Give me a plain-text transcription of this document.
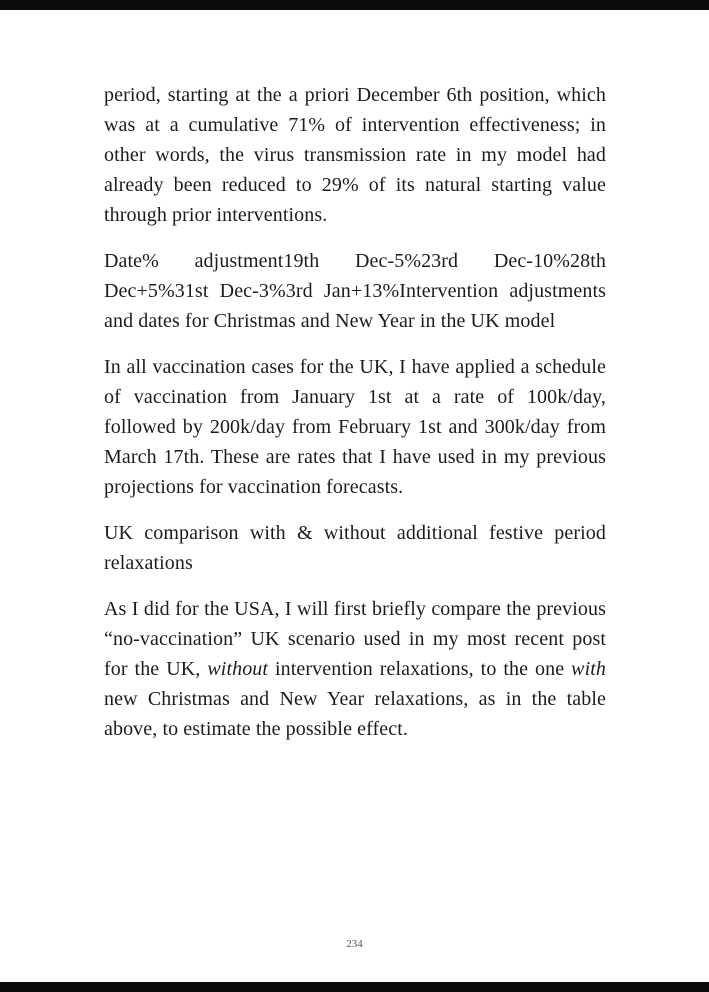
period, starting at the a priori December 6th position, which was at a cumulative 71% of intervention effectiveness; in other words, the virus transmission rate in my model had already been reduced to 29% of its natural starting value through prior interventions.

Date% adjustment19th Dec-5%23rd Dec-10%28th Dec+5%31st Dec-3%3rd Jan+13%Intervention adjustments and dates for Christmas and New Year in the UK model

In all vaccination cases for the UK, I have applied a schedule of vaccination from January 1st at a rate of 100k/day, followed by 200k/day from February 1st and 300k/day from March 17th. These are rates that I have used in my previous projections for vaccination forecasts.

UK comparison with & without additional festive period relaxations

As I did for the USA, I will first briefly compare the previous “no-vaccination” UK scenario used in my most recent post for the UK, without intervention relaxations, to the one with new Christmas and New Year relaxations, as in the table above, to estimate the possible effect.

234
